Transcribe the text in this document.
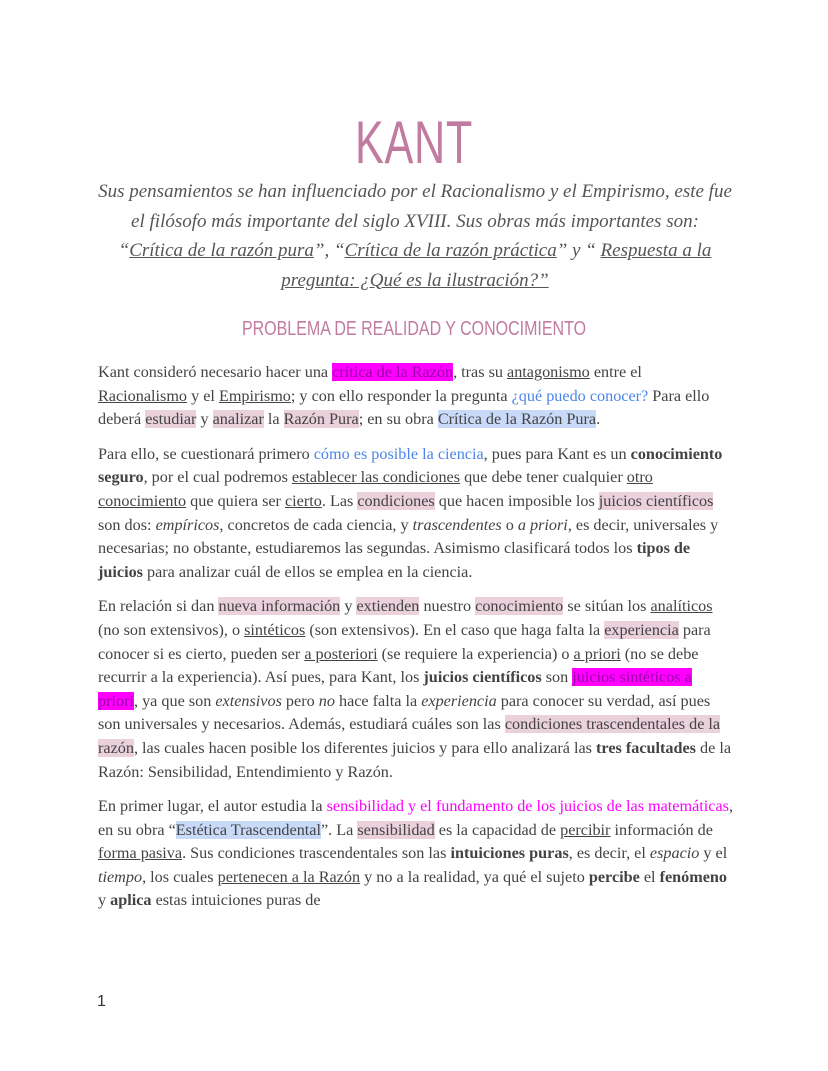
KANT
Sus pensamientos se han influenciado por el Racionalismo y el Empirismo, este fue el filósofo más importante del siglo XVIII. Sus obras más importantes son: “Crítica de la razón pura”, “Crítica de la razón práctica” y “ Respuesta a la pregunta: ¿Qué es la ilustración?”
PROBLEMA DE REALIDAD Y CONOCIMIENTO

Kant consideró necesario hacer una crítica de la Razón, tras su antagonismo entre el Racionalismo y el Empirismo; y con ello responder la pregunta ¿qué puedo conocer? Para ello deberá estudiar y analizar la Razón Pura; en su obra Crítica de la Razón Pura.

Para ello, se cuestionará primero cómo es posible la ciencia, pues para Kant es un conocimiento seguro, por el cual podremos establecer las condiciones que debe tener cualquier otro conocimiento que quiera ser cierto. Las condiciones que hacen imposible los juicios científicos son dos: empíricos, concretos de cada ciencia, y trascendentes o a priori, es decir, universales y necesarias; no obstante, estudiaremos las segundas. Asimismo clasificará todos los tipos de juicios para analizar cuál de ellos se emplea en la ciencia.

En relación si dan nueva información y extienden nuestro conocimiento se sitúan los analíticos (no son extensivos), o sintéticos (son extensivos). En el caso que haga falta la experiencia para conocer si es cierto, pueden ser a posteriori (se requiere la experiencia) o a priori (no se debe recurrir a la experiencia). Así pues, para Kant, los juicios científicos son juicios sintéticos a priori, ya que son extensivos pero no hace falta la experiencia para conocer su verdad, así pues son universales y necesarios. Además, estudiará cuáles son las condiciones trascendentales de la razón, las cuales hacen posible los diferentes juicios y para ello analizará las tres facultades de la Razón: Sensibilidad, Entendimiento y Razón.

En primer lugar, el autor estudia la sensibilidad y el fundamento de los juicios de las matemáticas, en su obra “Estética Trascendental”. La sensibilidad es la capacidad de percibir información de forma pasiva. Sus condiciones trascendentales son las intuiciones puras, es decir, el espacio y el tiempo, los cuales pertenecen a la Razón y no a la realidad, ya qué el sujeto percibe el fenómeno y aplica estas intuiciones puras de

1
